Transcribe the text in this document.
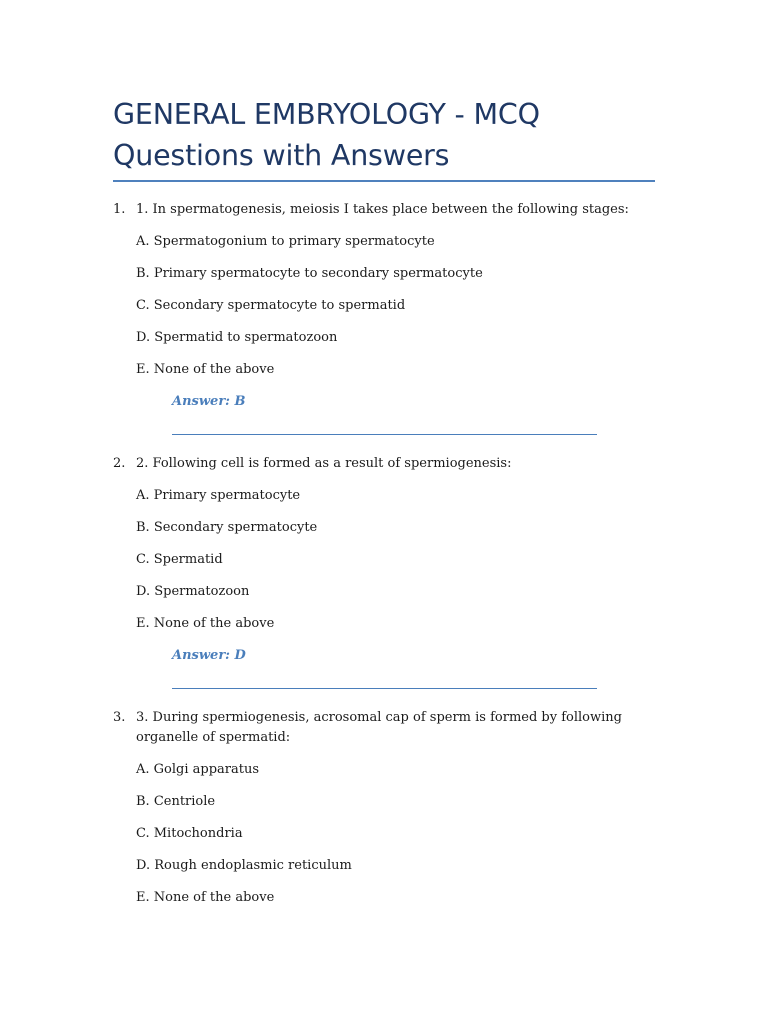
GENERAL EMBRYOLOGY - MCQ Questions with Answers
1. 1. In spermatogenesis, meiosis I takes place between the following stages:
A. Spermatogonium to primary spermatocyte
B. Primary spermatocyte to secondary spermatocyte
C. Secondary spermatocyte to spermatid
D. Spermatid to spermatozoon
E. None of the above
Answer: B
2. 2. Following cell is formed as a result of spermiogenesis:
A. Primary spermatocyte
B. Secondary spermatocyte
C. Spermatid
D. Spermatozoon
E. None of the above
Answer: D
3. 3. During spermiogenesis, acrosomal cap of sperm is formed by following organelle of spermatid:
A. Golgi apparatus
B. Centriole
C. Mitochondria
D. Rough endoplasmic reticulum
E. None of the above
